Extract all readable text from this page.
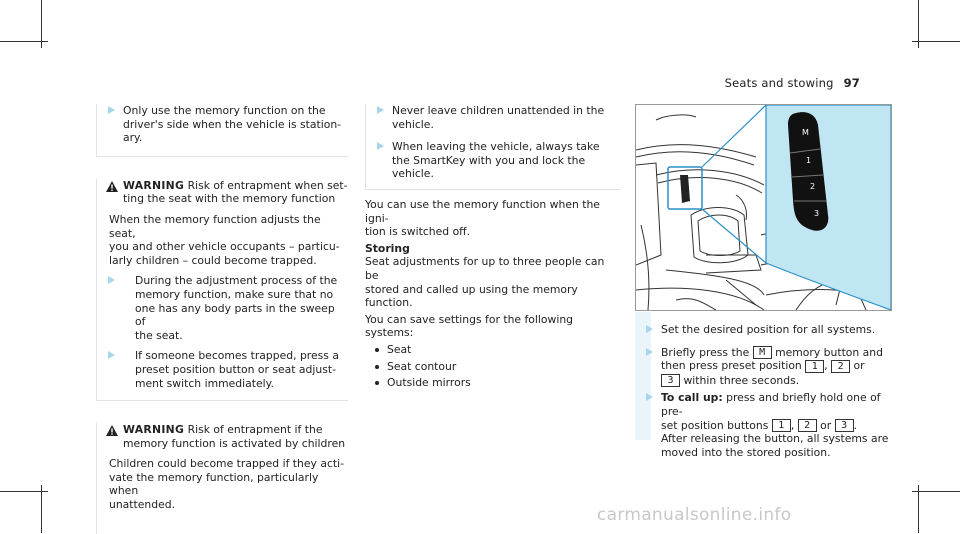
Seats and stowing 97
Only use the memory function on the
driver's side when the vehicle is station-
ary.
WARNING Risk of entrapment when set-
ting the seat with the memory function
When the memory function adjusts the seat,
you and other vehicle occupants – particu-
larly children – could become trapped.
During the adjustment process of the
memory function, make sure that no
one has any body parts in the sweep of
the seat.
If someone becomes trapped, press a
preset position button or seat adjust-
ment switch immediately.
WARNING Risk of entrapment if the
memory function is activated by children
Children could become trapped if they acti-
vate the memory function, particularly when
unattended.
Never leave children unattended in the
vehicle.
When leaving the vehicle, always take
the SmartKey with you and lock the
vehicle.
You can use the memory function when the igni-
tion is switched off.
Storing
Seat adjustments for up to three people can be
stored and called up using the memory function.
You can save settings for the following systems:
Seat
Seat contour
Outside mirrors
M
1
2
3
Set the desired position for all systems.
Briefly press the M memory button and
then press preset position 1 , 2 or
3 within three seconds.
To call up: press and briefly hold one of pre-
set position buttons 1 , 2 or 3 .
After releasing the button, all systems are
moved into the stored position.
carmanualsonline.info
